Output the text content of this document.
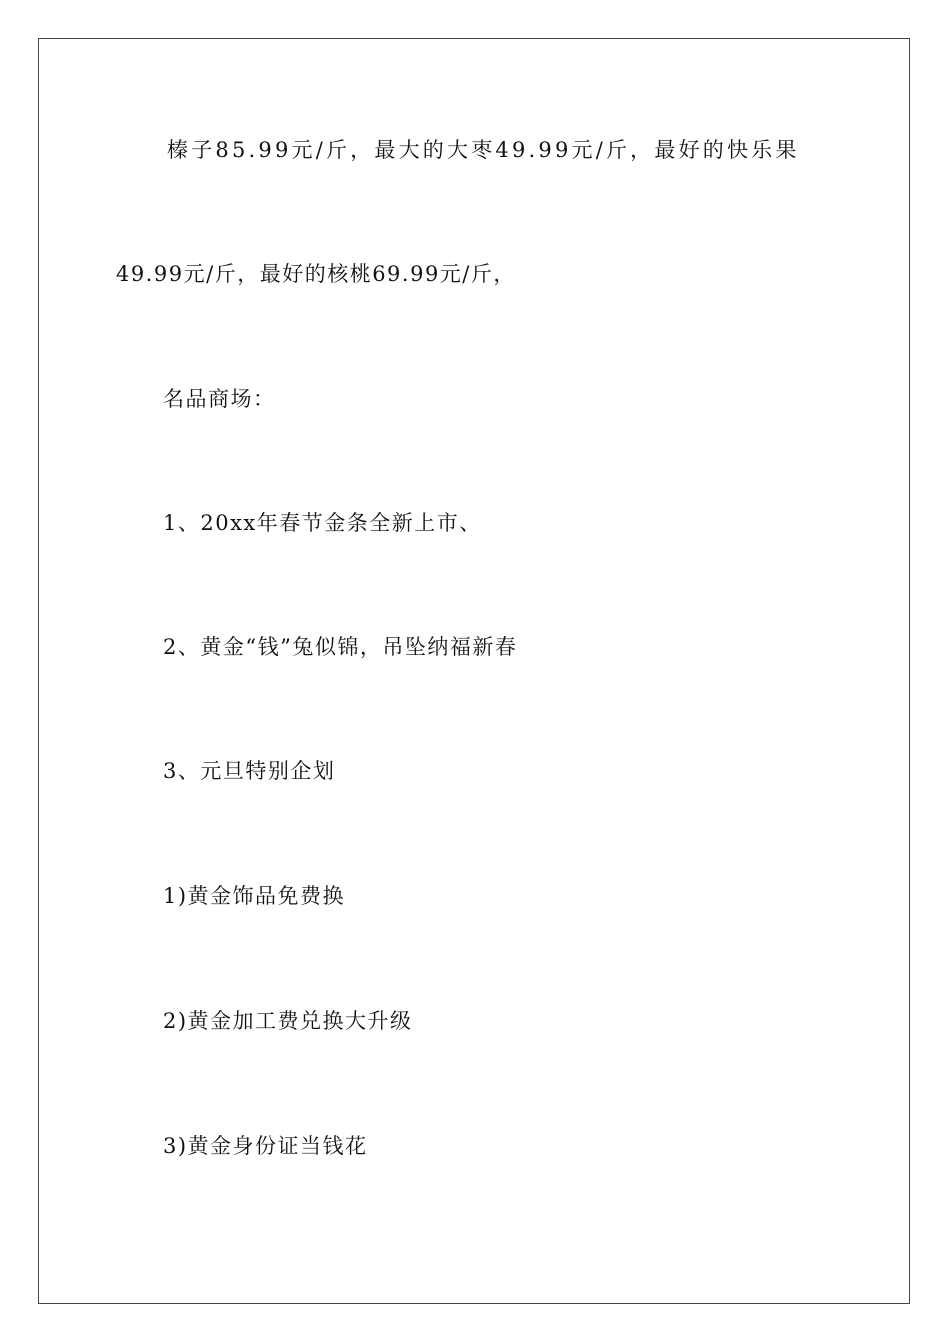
榛子85.99元/斤，最大的大枣49.99元/斤，最好的快乐果
49.99元/斤，最好的核桃69.99元/斤，
名品商场：
1、20xx年春节金条全新上市、
2、黄金“钱”兔似锦，吊坠纳福新春
3、元旦特别企划
1)黄金饰品免费换
2)黄金加工费兑换大升级
3)黄金身份证当钱花
